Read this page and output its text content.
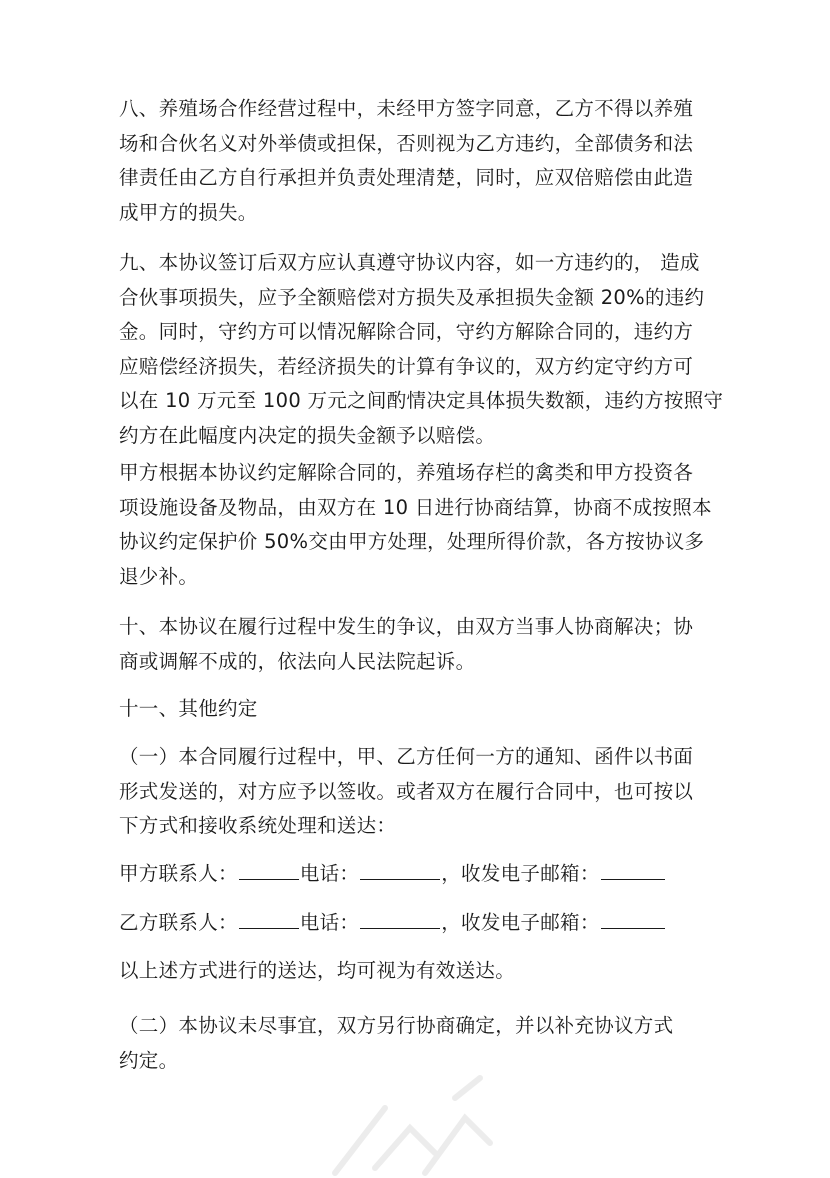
八、养殖场合作经营过程中，未经甲方签字同意，乙方不得以养殖
场和合伙名义对外举债或担保，否则视为乙方违约，全部债务和法
律责任由乙方自行承担并负责处理清楚，同时，应双倍赔偿由此造
成甲方的损失。

九、本协议签订后双方应认真遵守协议内容，如一方违约的， 造成
合伙事项损失，应予全额赔偿对方损失及承担损失金额 20%的违约
金。同时，守约方可以情况解除合同，守约方解除合同的，违约方
应赔偿经济损失，若经济损失的计算有争议的，双方约定守约方可
以在 10 万元至 100 万元之间酌情决定具体损失数额，违约方按照守
约方在此幅度内决定的损失金额予以赔偿。

甲方根据本协议约定解除合同的，养殖场存栏的禽类和甲方投资各
项设施设备及物品，由双方在 10 日进行协商结算，协商不成按照本
协议约定保护价 50%交由甲方处理，处理所得价款，各方按协议多
退少补。

十、本协议在履行过程中发生的争议，由双方当事人协商解决；协
商或调解不成的，依法向人民法院起诉。

十一、其他约定

（一）本合同履行过程中，甲、乙方任何一方的通知、函件以书面
形式发送的，对方应予以签收。或者双方在履行合同中，也可按以
下方式和接收系统处理和送达：

甲方联系人：	电话：	，收发电子邮箱：

乙方联系人：	电话：	，收发电子邮箱：

以上述方式进行的送达，均可视为有效送达。

（二）本协议未尽事宜，双方另行协商确定，并以补充协议方式
约定。
